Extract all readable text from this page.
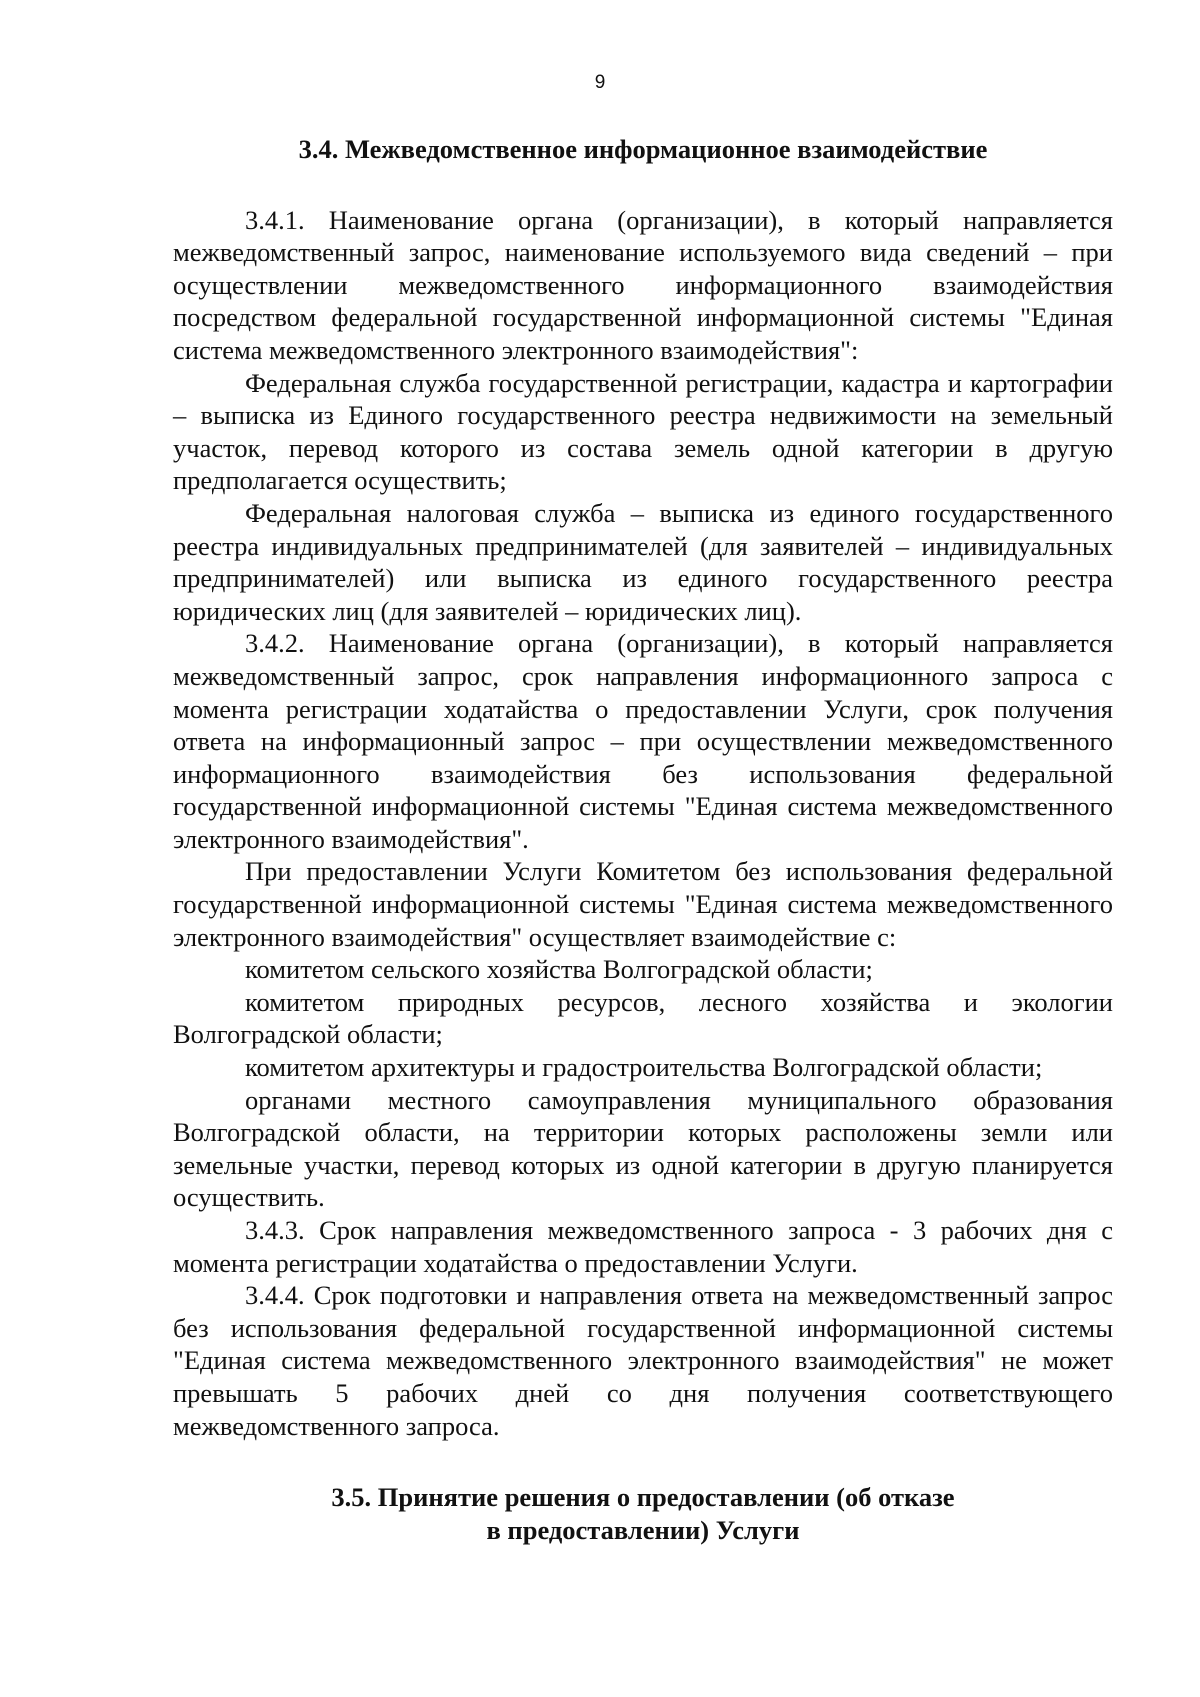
9

3.4. Межведомственное информационное взаимодействие

3.4.1. Наименование органа (организации), в который направляется межведомственный запрос, наименование используемого вида сведений – при осуществлении межведомственного информационного взаимодействия посредством федеральной государственной информационной системы "Единая система межведомственного электронного взаимодействия":

Федеральная служба государственной регистрации, кадастра и картографии – выписка из Единого государственного реестра недвижимости на земельный участок, перевод которого из состава земель одной категории в другую предполагается осуществить;

Федеральная налоговая служба – выписка из единого государственного реестра индивидуальных предпринимателей (для заявителей – индивидуальных предпринимателей) или выписка из единого государственного реестра юридических лиц (для заявителей – юридических лиц).

3.4.2. Наименование органа (организации), в который направляется межведомственный запрос, срок направления информационного запроса с момента регистрации ходатайства о предоставлении Услуги, срок получения ответа на информационный запрос – при осуществлении межведомственного информационного взаимодействия без использования федеральной государственной информационной системы "Единая система межведомственного электронного взаимодействия".

При предоставлении Услуги Комитетом без использования федеральной государственной информационной системы "Единая система межведомственного электронного взаимодействия" осуществляет взаимодействие с:

комитетом сельского хозяйства Волгоградской области;

комитетом природных ресурсов, лесного хозяйства и экологии Волгоградской области;

комитетом архитектуры и градостроительства Волгоградской области;

органами местного самоуправления муниципального образования Волгоградской области, на территории которых расположены земли или земельные участки, перевод которых из одной категории в другую планируется осуществить.

3.4.3. Срок направления межведомственного запроса - 3 рабочих дня с момента регистрации ходатайства о предоставлении Услуги.

3.4.4. Срок подготовки и направления ответа на межведомственный запрос без использования федеральной государственной информационной системы "Единая система межведомственного электронного взаимодействия" не может превышать 5 рабочих дней со дня получения соответствующего межведомственного запроса.

3.5. Принятие решения о предоставлении (об отказе
в предоставлении) Услуги
